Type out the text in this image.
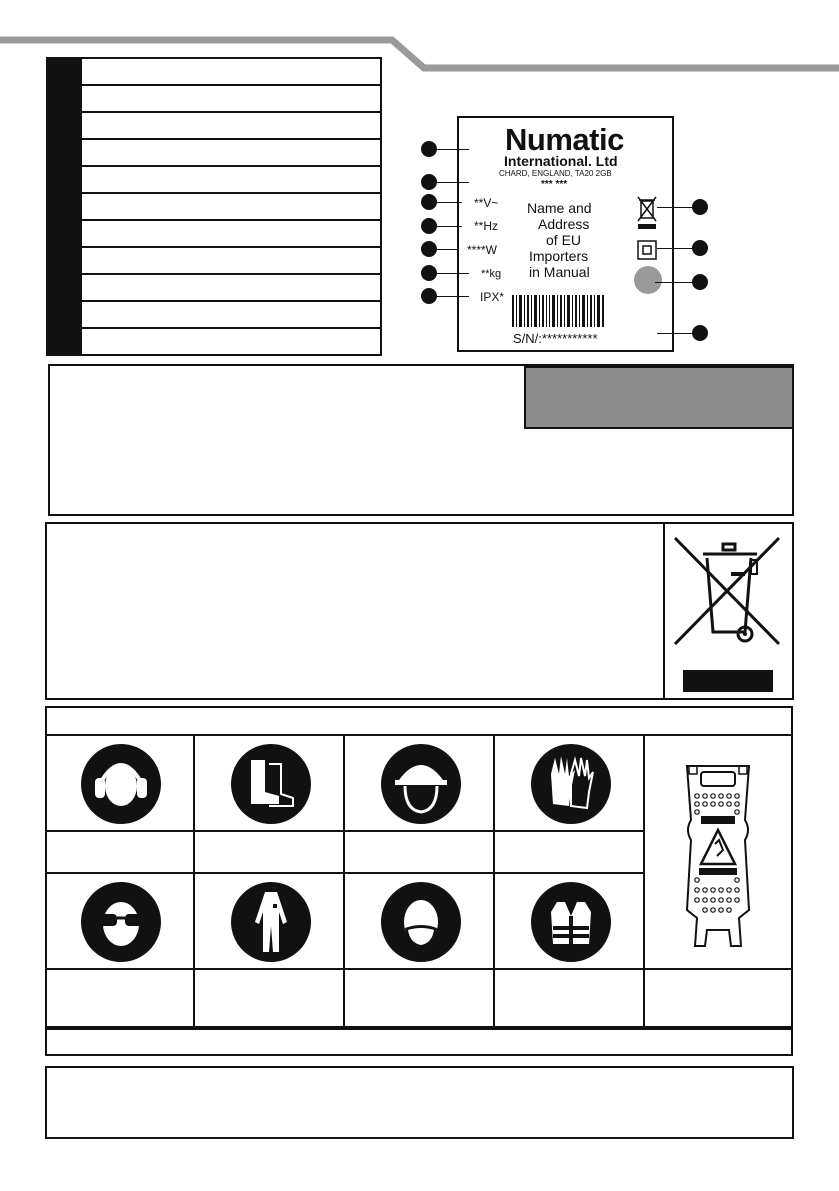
Numatic
International. Ltd
CHARD, ENGLAND, TA20 2GB
*** ***
**V~
**Hz
****W
**kg
IPX*
Name and
Address
of EU
Importers
in Manual
S/N/:***********
